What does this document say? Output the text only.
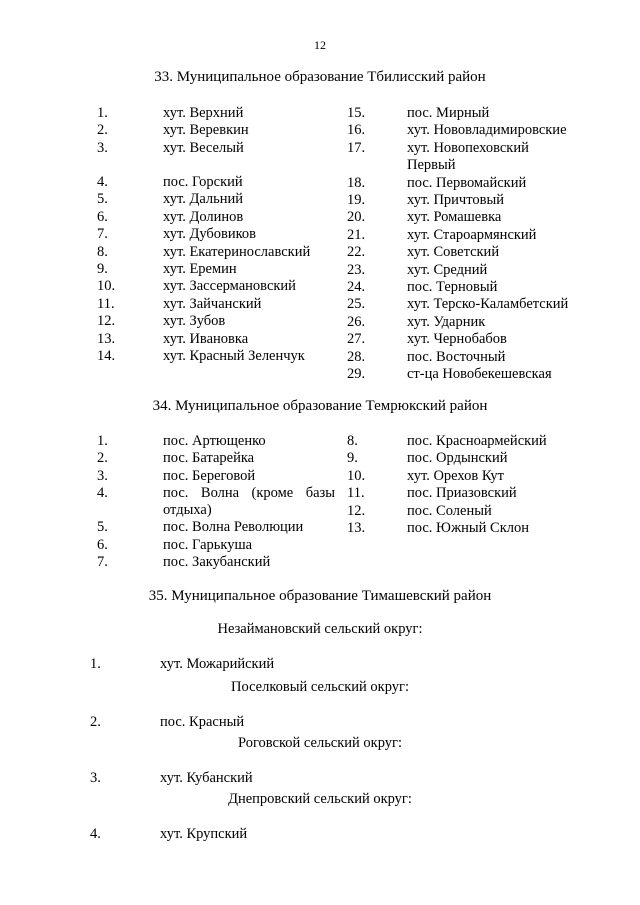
12
33. Муниципальное образование Тбилисский район
1.	хут. Верхний
2.	хут. Веревкин
3.	хут. Веселый
4.	пос. Горский
5.	хут. Дальний
6.	хут. Долинов
7.	хут. Дубовиков
8.	хут. Екатеринославский
9.	хут. Еремин
10.	хут. Зассермановский
11.	хут. Зайчанский
12.	хут. Зубов
13.	хут. Ивановка
14.	хут. Красный Зеленчук
15.	пос. Мирный
16.	хут. Нововладимировские
17.	хут. Новопеховский
Первый
18.	пос. Первомайский
19.	хут. Причтовый
20.	хут. Ромашевка
21.	хут. Староармянский
22.	хут. Советский
23.	хут. Средний
24.	пос. Терновый
25.	хут. Терско-Каламбетский
26.	хут. Ударник
27.	хут. Чернобабов
28.	пос. Восточный
29.	ст-ца Новобекешевская
34. Муниципальное образование Темрюкский район
1.	пос. Артющенко
2.	пос. Батарейка
3.	пос. Береговой
4.	пос. Волна (кроме базы
отдыха)
5.	пос. Волна Революции
6.	пос. Гарькуша
7.	пос. Закубанский
8.	пос. Красноармейский
9.	пос. Ордынский
10.	хут. Орехов Кут
11.	пос. Приазовский
12.	пос. Соленый
13.	пос. Южный Склон
35. Муниципальное образование Тимашевский район
Незаймановский сельский округ:
1.	хут. Можарийский
Поселковый сельский округ:
2.	пос. Красный
Роговской сельский округ:
3.	хут. Кубанский
Днепровский сельский округ:
4.	хут. Крупский
